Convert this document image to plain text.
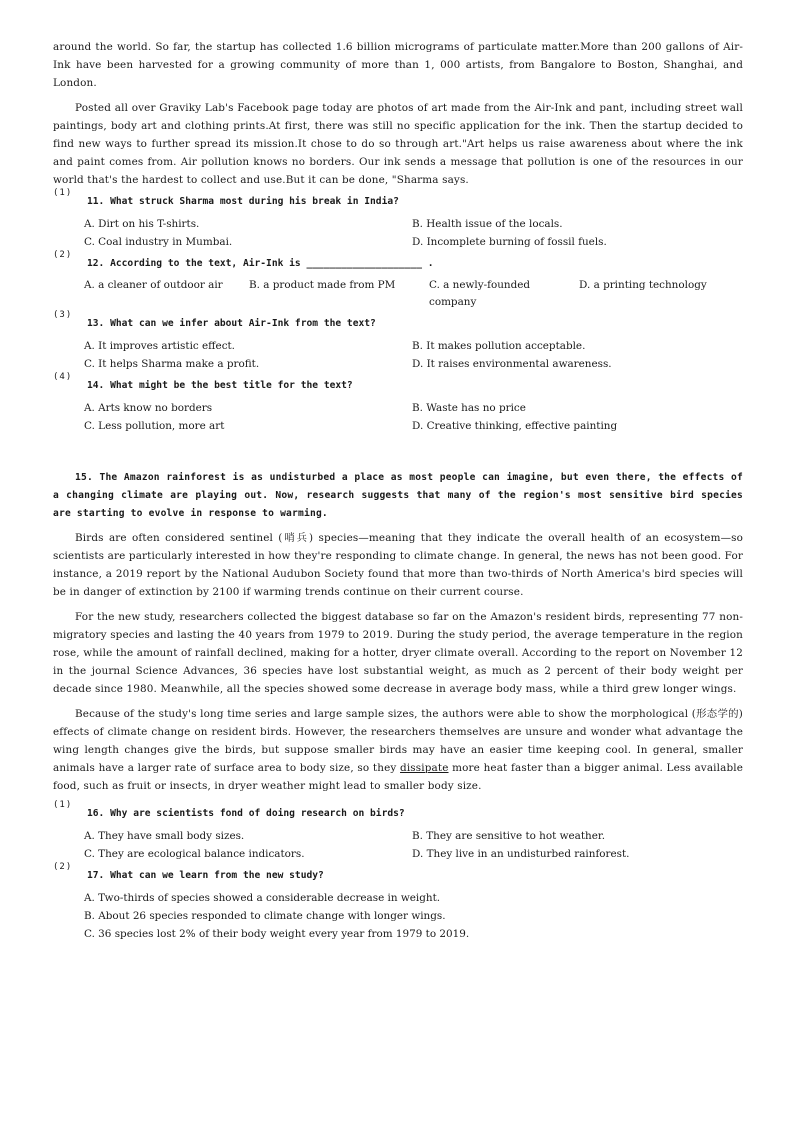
around the world. So far, the startup has collected 1.6 billion micrograms of particulate matter.More than 200 gallons of Air-Ink have been harvested for a growing community of more than 1, 000 artists, from Bangalore to Boston, Shanghai, and London.

Posted all over Graviky Lab's Facebook page today are photos of art made from the Air-Ink and pant, including street wall paintings, body art and clothing prints.At first, there was still no specific application for the ink. Then the startup decided to find new ways to further spread its mission.It chose to do so through art."Art helps us raise awareness about where the ink and paint comes from. Air pollution knows no borders. Our ink sends a message that pollution is one of the resources in our world that's the hardest to collect and use.But it can be done, "Sharma says.

(1)
11. What struck Sharma most during his break in India?
A. Dirt on his T-shirts.	B. Health issue of the locals.
C. Coal industry in Mumbai.	D. Incomplete burning of fossil fuels.
(2)
12. According to the text, Air-Ink is ____________________ .
A. a cleaner of outdoor air	B. a product made from PM	C. a newly-founded company
D. a printing technology
(3)
13. What can we infer about Air-Ink from the text?
A. It improves artistic effect.	B. It makes pollution acceptable.
C. It helps Sharma make a profit.	D. It raises environmental awareness.
(4)
14. What might be the best title for the text?
A. Arts know no borders	B. Waste has no price
C. Less pollution, more art	D. Creative thinking, effective painting
15. The Amazon rainforest is as undisturbed a place as most people can imagine, but even there, the effects of a changing climate are playing out. Now, research suggests that many of the region's most sensitive bird species are starting to evolve in response to warming.

Birds are often considered sentinel (哨兵) species—meaning that they indicate the overall health of an ecosystem—so scientists are particularly interested in how they're responding to climate change. In general, the news has not been good. For instance, a 2019 report by the National Audubon Society found that more than two-thirds of North America's bird species will be in danger of extinction by 2100 if warming trends continue on their current course.

For the new study, researchers collected the biggest database so far on the Amazon's resident birds, representing 77 non-migratory species and lasting the 40 years from 1979 to 2019. During the study period, the average temperature in the region rose, while the amount of rainfall declined, making for a hotter, dryer climate overall. According to the report on November 12 in the journal Science Advances, 36 species have lost substantial weight, as much as 2 percent of their body weight per decade since 1980. Meanwhile, all the species showed some decrease in average body mass, while a third grew longer wings.

Because of the study's long time series and large sample sizes, the authors were able to show the morphological (形态学的) effects of climate change on resident birds. However, the researchers themselves are unsure and wonder what advantage the wing length changes give the birds, but suppose smaller birds may have an easier time keeping cool. In general, smaller animals have a larger rate of surface area to body size, so they dissipate more heat faster than a bigger animal. Less available food, such as fruit or insects, in dryer weather might lead to smaller body size.

(1)
16. Why are scientists fond of doing research on birds?
A. They have small body sizes.	B. They are sensitive to hot weather.
C. They are ecological balance indicators.	D. They live in an undisturbed rainforest.
(2)
17. What can we learn from the new study?
A. Two-thirds of species showed a considerable decrease in weight.
B. About 26 species responded to climate change with longer wings.
C. 36 species lost 2% of their body weight every year from 1979 to 2019.
